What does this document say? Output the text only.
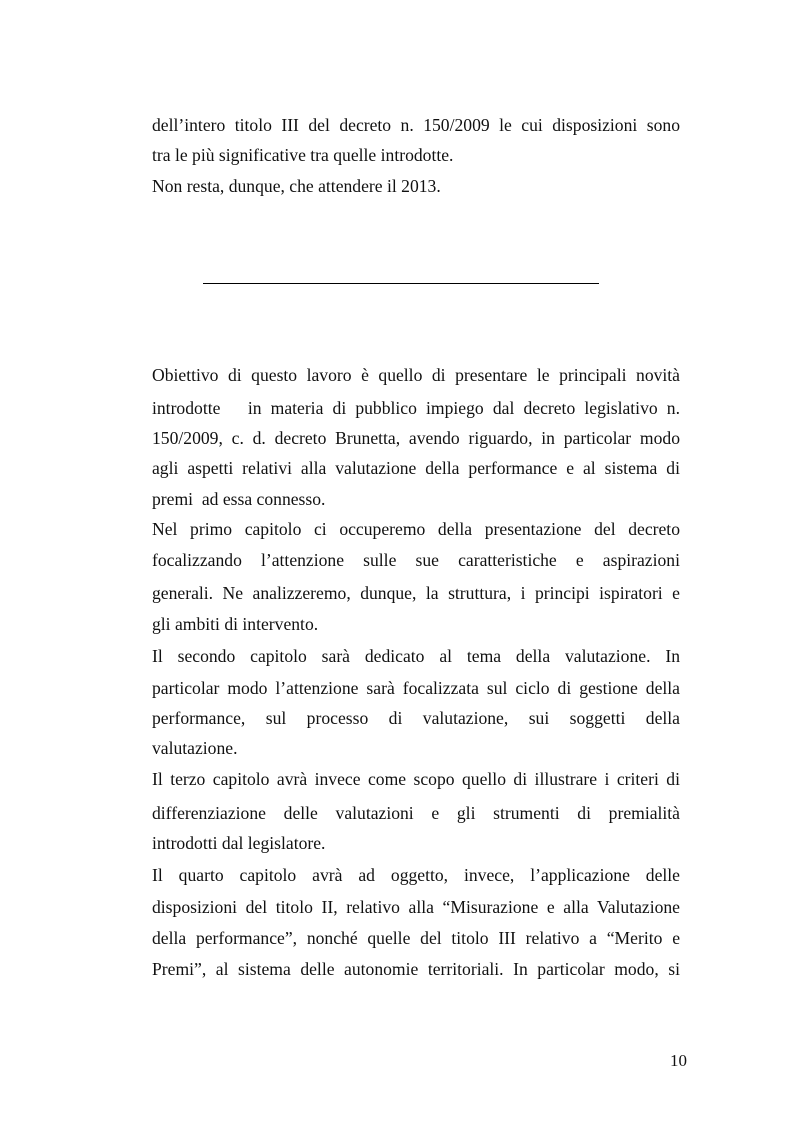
dell’intero titolo III del decreto n. 150/2009 le cui disposizioni sono
tra le più significative tra quelle introdotte.
Non resta, dunque, che attendere il 2013.
Obiettivo di questo lavoro è quello di presentare le principali novità
introdotte   in materia di pubblico impiego dal decreto legislativo n.
150/2009, c. d. decreto Brunetta, avendo riguardo, in particolar modo
agli aspetti relativi alla valutazione della performance e al sistema di
premi  ad essa connesso.
Nel primo capitolo ci occuperemo della presentazione del decreto
focalizzando l’attenzione sulle sue caratteristiche e aspirazioni
generali. Ne analizzeremo, dunque, la struttura, i principi ispiratori e
gli ambiti di intervento.
Il secondo capitolo sarà dedicato al tema della valutazione. In
particolar modo l’attenzione sarà focalizzata sul ciclo di gestione della
performance, sul processo di valutazione, sui soggetti della
valutazione.
Il terzo capitolo avrà invece come scopo quello di illustrare i criteri di
differenziazione delle valutazioni e gli strumenti di premialità
introdotti dal legislatore.
Il quarto capitolo avrà ad oggetto, invece, l’applicazione delle
disposizioni del titolo II, relativo alla “Misurazione e alla Valutazione
della performance”, nonché quelle del titolo III relativo a “Merito e
Premi”, al sistema delle autonomie territoriali. In particolar modo, si
10
